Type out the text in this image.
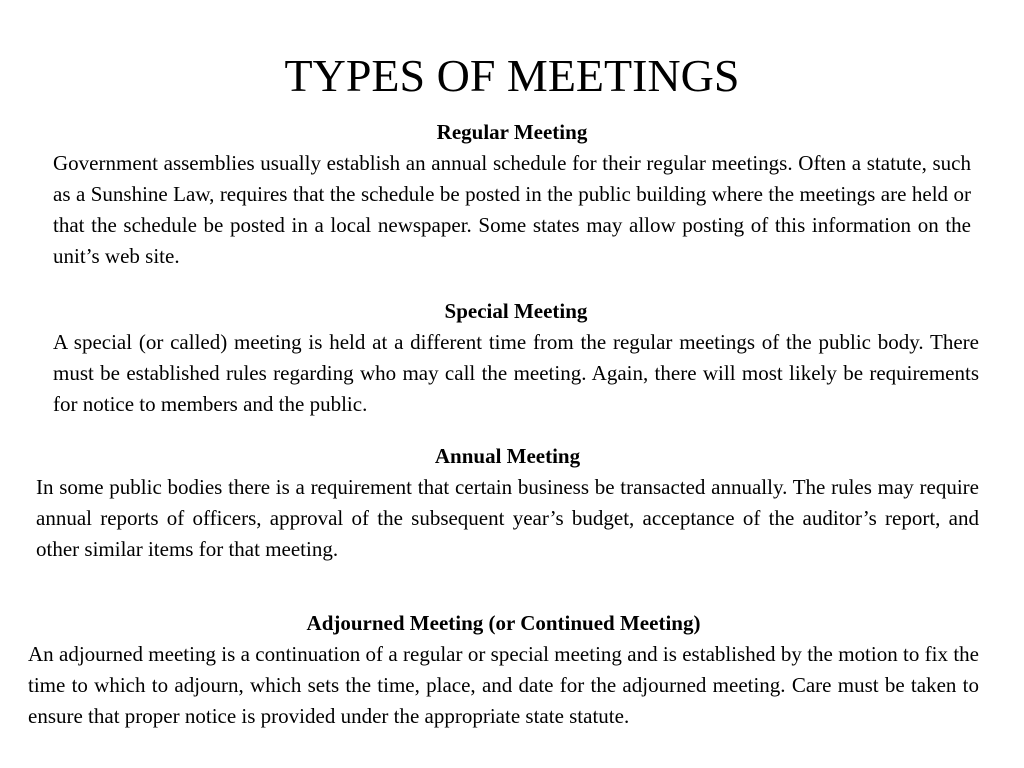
TYPES OF MEETINGS
Regular Meeting

Government assemblies usually establish an annual schedule for their regular meetings. Often a statute, such as a Sunshine Law, requires that the schedule be posted in the public building where the meetings are held or that the schedule be posted in a local newspaper. Some states may allow posting of this information on the unit’s web site.

Special Meeting

A special (or called) meeting is held at a different time from the regular meetings of the public body. There must be established rules regarding who may call the meeting. Again, there will most likely be requirements for notice to members and the public.

Annual Meeting

In some public bodies there is a requirement that certain business be transacted annually. The rules may require annual reports of officers, approval of the subsequent year’s budget, acceptance of the auditor’s report, and other similar items for that meeting.

Adjourned Meeting (or Continued Meeting)

An adjourned meeting is a continuation of a regular or special meeting and is established by the motion to fix the time to which to adjourn, which sets the time, place, and date for the adjourned meeting. Care must be taken to ensure that proper notice is provided under the appropriate state statute.
